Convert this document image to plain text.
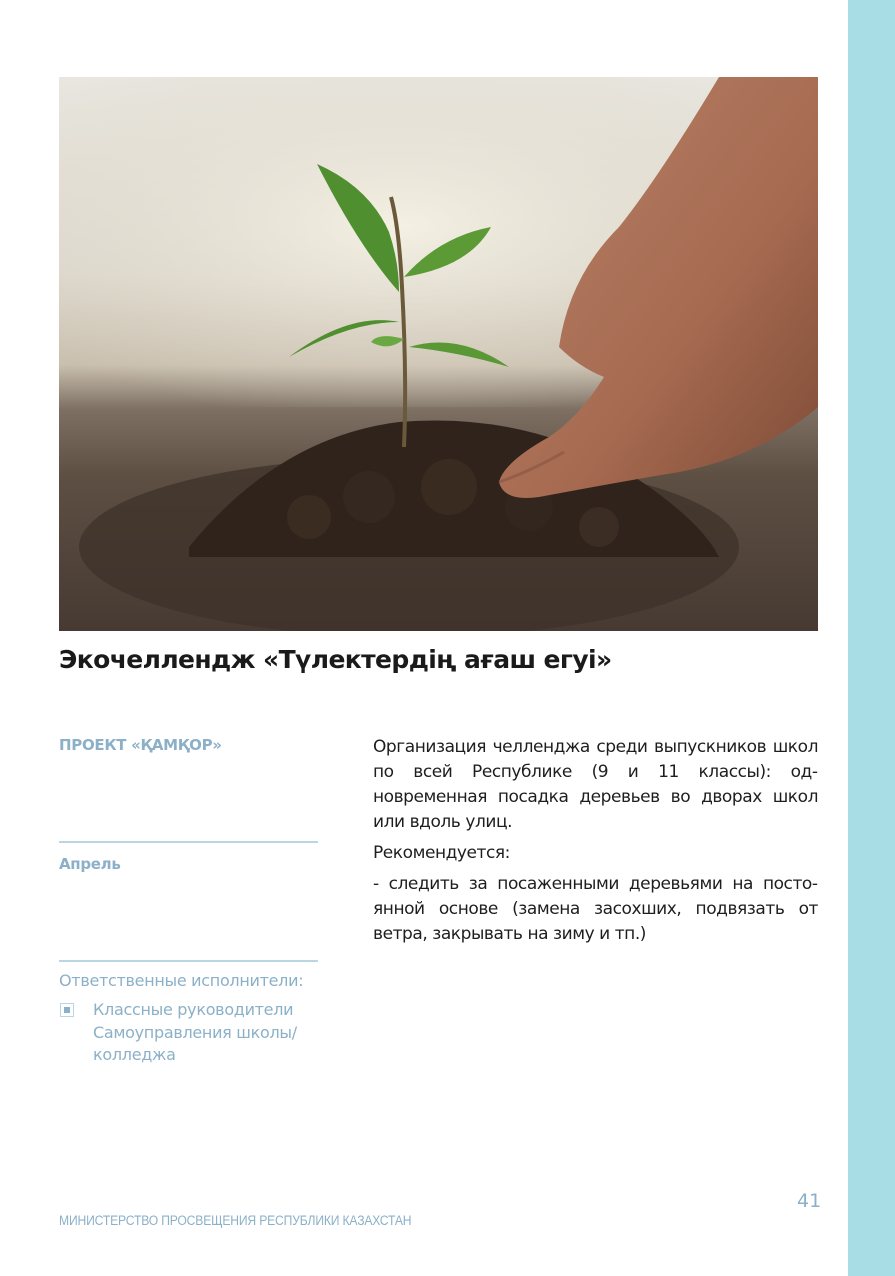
Экочеллендж «Түлектердің ағаш егуі»
ПРОЕКТ «ҚАМҚОР»
Апрель
Ответственные исполнители:
Классные руководители
Самоуправления школы/
колледжа

Организация челленджа среди выпускников школ по всей Республике (9 и 11 классы): одновременная посадка деревьев во дворах школ или вдоль улиц.

Рекомендуется:

- следить за посаженными деревьями на постоянной основе (замена засохших, подвязать от ветра, закрывать на зиму и тп.)

41
МИНИСТЕРСТВО ПРОСВЕЩЕНИЯ РЕСПУБЛИКИ КАЗАХСТАН
